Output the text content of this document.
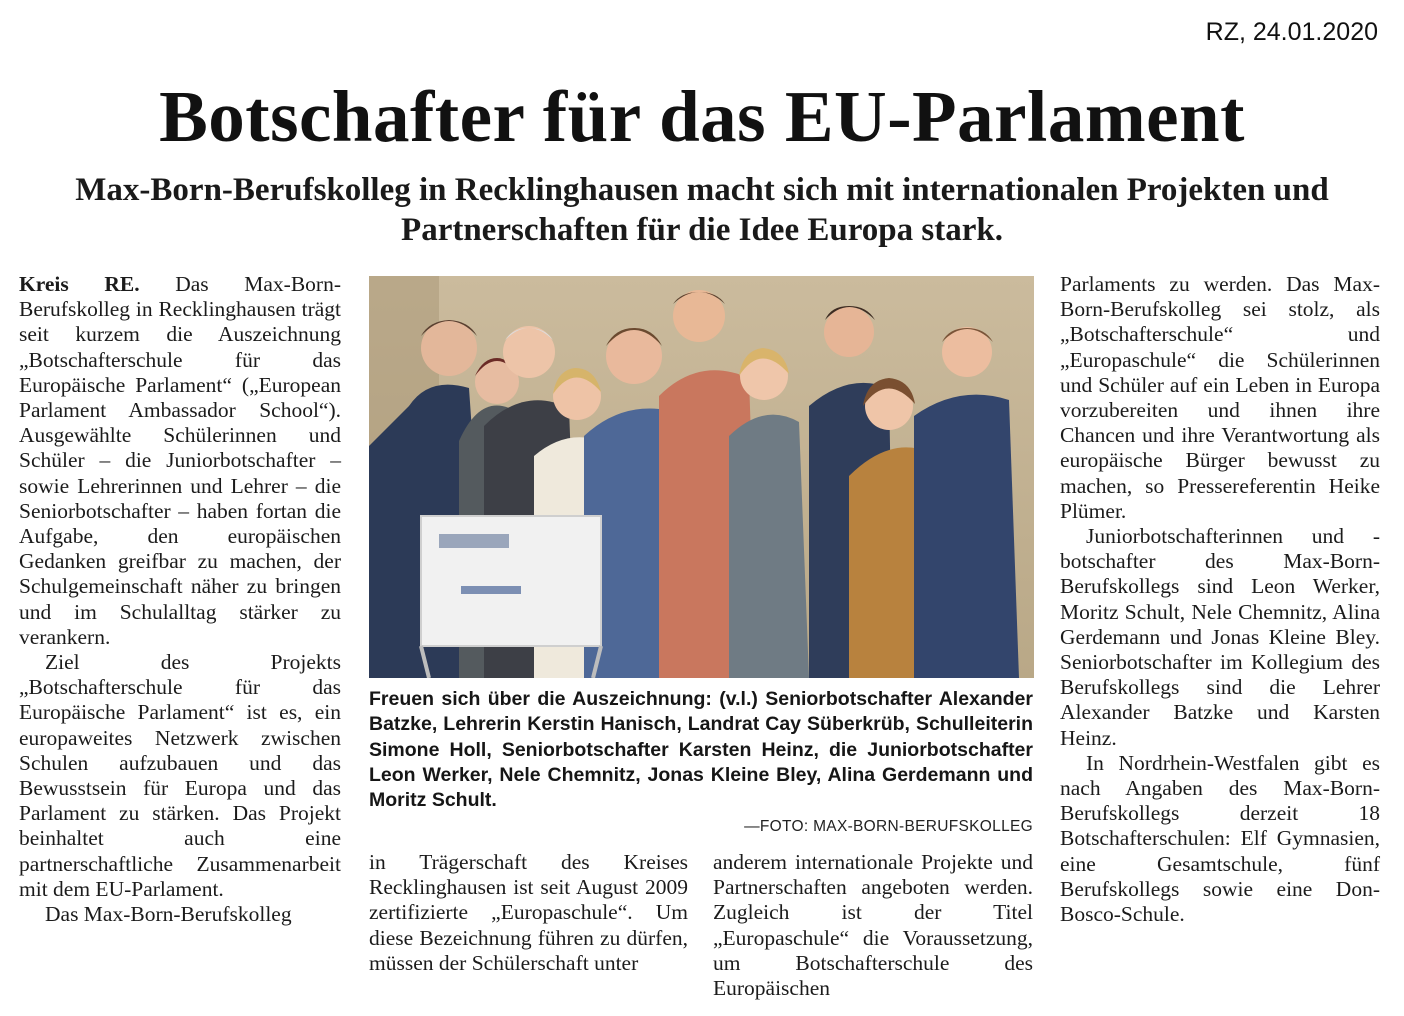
RZ, 24.01.2020
Botschafter für das EU-Parlament
Max-Born-Berufskolleg in Recklinghausen macht sich mit internationalen Projekten und Partnerschaften für die Idee Europa stark.

Kreis RE. Das Max-Born-Berufskolleg in Recklinghausen trägt seit kurzem die Auszeichnung „Botschafterschule für das Europäische Parlament“ („European Parlament Ambassador School“). Ausgewählte Schülerinnen und Schüler – die Juniorbotschafter – sowie Lehrerinnen und Lehrer – die Seniorbotschafter – haben fortan die Aufgabe, den europäischen Gedanken greifbar zu machen, der Schulgemeinschaft näher zu bringen und im Schulalltag stärker zu verankern.

Ziel des Projekts „Botschafterschule für das Europäische Parlament“ ist es, ein europaweites Netzwerk zwischen Schulen aufzubauen und das Bewusstsein für Europa und das Parlament zu stärken. Das Projekt beinhaltet auch eine partnerschaftliche Zusammenarbeit mit dem EU-Parlament.

Das Max-Born-Berufskolleg

Freuen sich über die Auszeichnung: (v.l.) Seniorbotschafter Alexander Batzke, Lehrerin Kerstin Hanisch, Landrat Cay Süberkrüb, Schulleiterin Simone Holl, Seniorbotschafter Karsten Heinz, die Juniorbotschafter Leon Werker, Nele Chemnitz, Jonas Kleine Bley, Alina Gerdemann und Moritz Schult.
—FOTO: MAX-BORN-BERUFSKOLLEG

in Trägerschaft des Kreises Recklinghausen ist seit August 2009 zertifizierte „Europaschule“. Um diese Bezeichnung führen zu dürfen, müssen der Schülerschaft unter

anderem internationale Projekte und Partnerschaften angeboten werden. Zugleich ist der Titel „Europaschule“ die Voraussetzung, um Botschafterschule des Europäischen

Parlaments zu werden. Das Max-Born-Berufskolleg sei stolz, als „Botschafterschule“ und „Europaschule“ die Schülerinnen und Schüler auf ein Leben in Europa vorzubereiten und ihnen ihre Chancen und ihre Verantwortung als europäische Bürger bewusst zu machen, so Pressereferentin Heike Plümer.

Juniorbotschafterinnen und -botschafter des Max-Born-Berufskollegs sind Leon Werker, Moritz Schult, Nele Chemnitz, Alina Gerdemann und Jonas Kleine Bley. Seniorbotschafter im Kollegium des Berufskollegs sind die Lehrer Alexander Batzke und Karsten Heinz.

In Nordrhein-Westfalen gibt es nach Angaben des Max-Born-Berufskollegs derzeit 18 Botschafterschulen: Elf Gymnasien, eine Gesamtschule, fünf Berufskollegs sowie eine Don-Bosco-Schule.
